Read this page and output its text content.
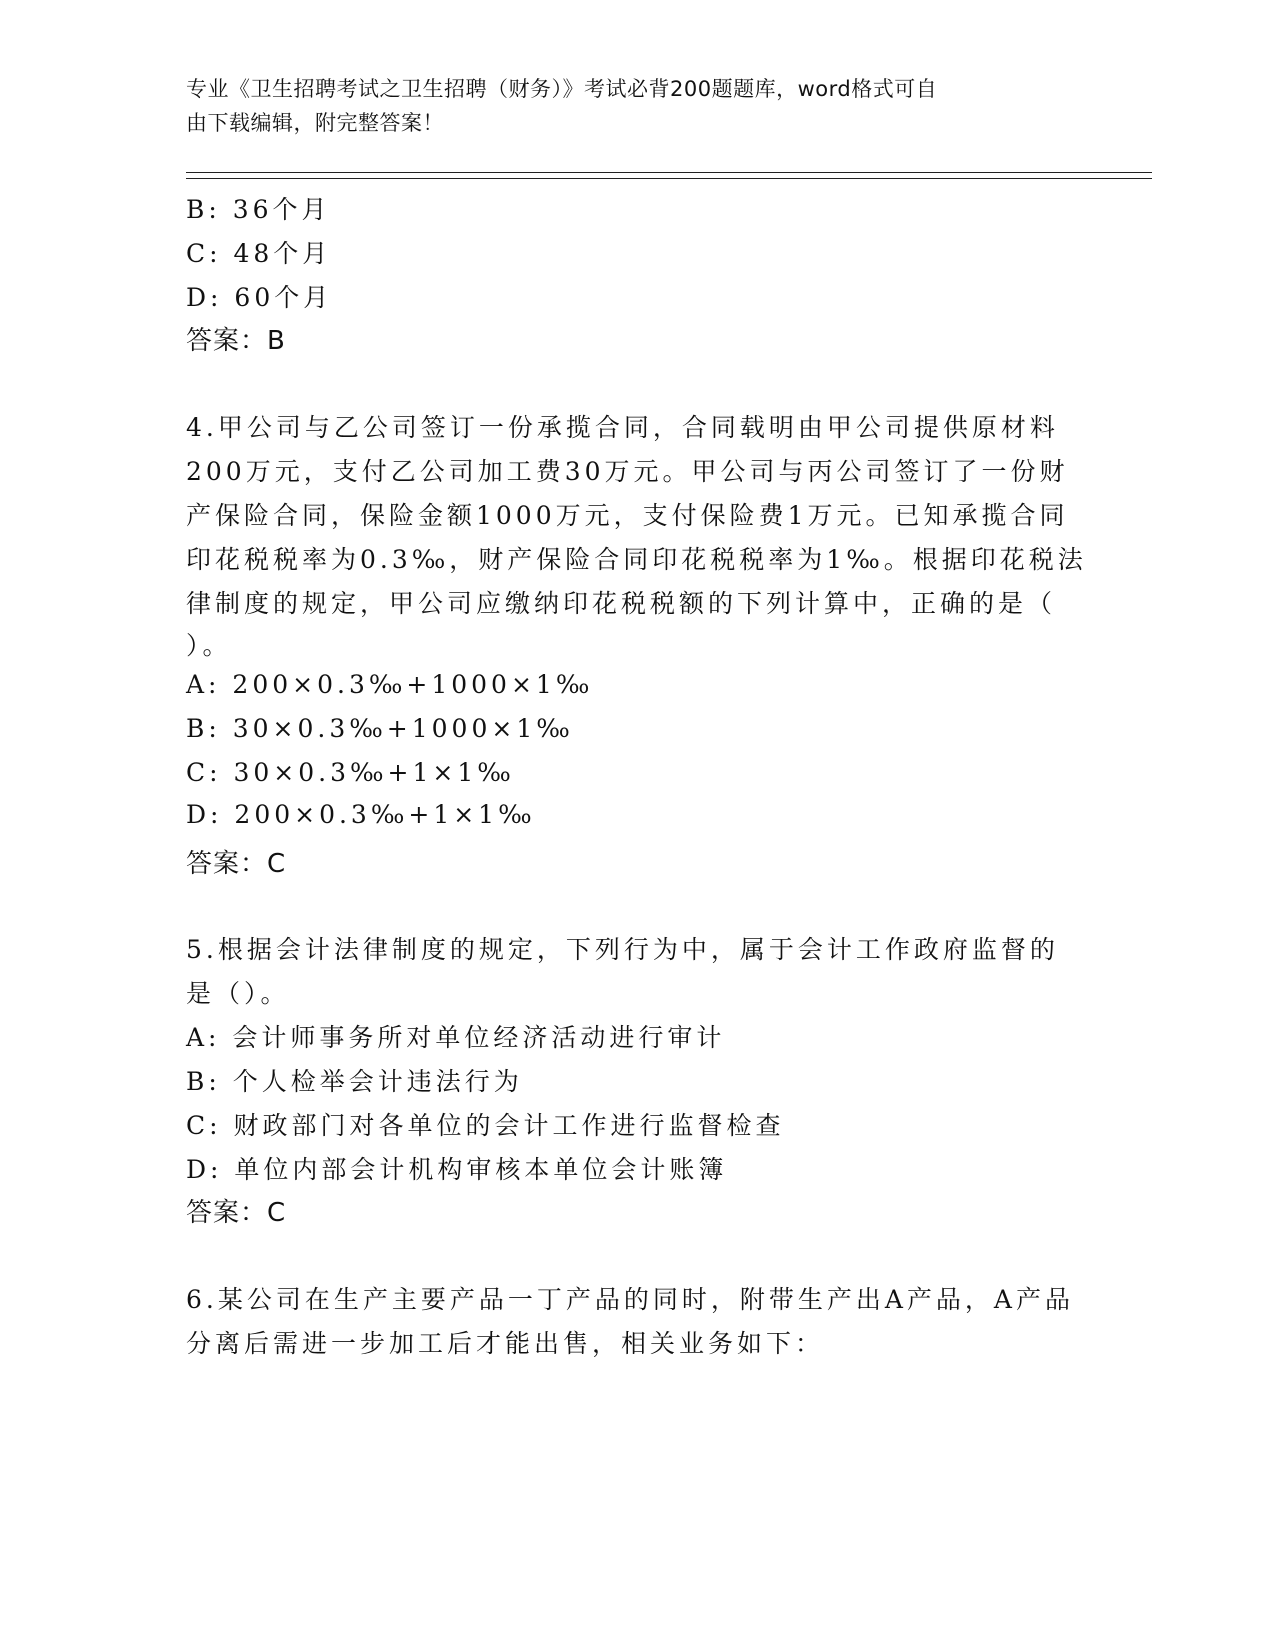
专业《卫生招聘考试之卫生招聘（财务）》考试必背200题题库，word格式可自
由下载编辑，附完整答案！
B: 36个月
C: 48个月
D: 60个月
答案：B
4.甲公司与乙公司签订一份承揽合同，合同载明由甲公司提供原材料
200万元，支付乙公司加工费30万元。甲公司与丙公司签订了一份财
产保险合同，保险金额1000万元，支付保险费1万元。已知承揽合同
印花税税率为0.3‰，财产保险合同印花税税率为1‰。根据印花税法
律制度的规定，甲公司应缴纳印花税税额的下列计算中，正确的是（
）。
A: 200×0.3‰+1000×1‰
B: 30×0.3‰+1000×1‰
C: 30×0.3‰+1×1‰
D: 200×0.3‰+1×1‰
答案：C
5.根据会计法律制度的规定，下列行为中，属于会计工作政府监督的
是（）。
A: 会计师事务所对单位经济活动进行审计
B: 个人检举会计违法行为
C: 财政部门对各单位的会计工作进行监督检查
D: 单位内部会计机构审核本单位会计账簿
答案：C
6.某公司在生产主要产品一丁产品的同时，附带生产出A产品，A产品
分离后需进一步加工后才能出售，相关业务如下：
